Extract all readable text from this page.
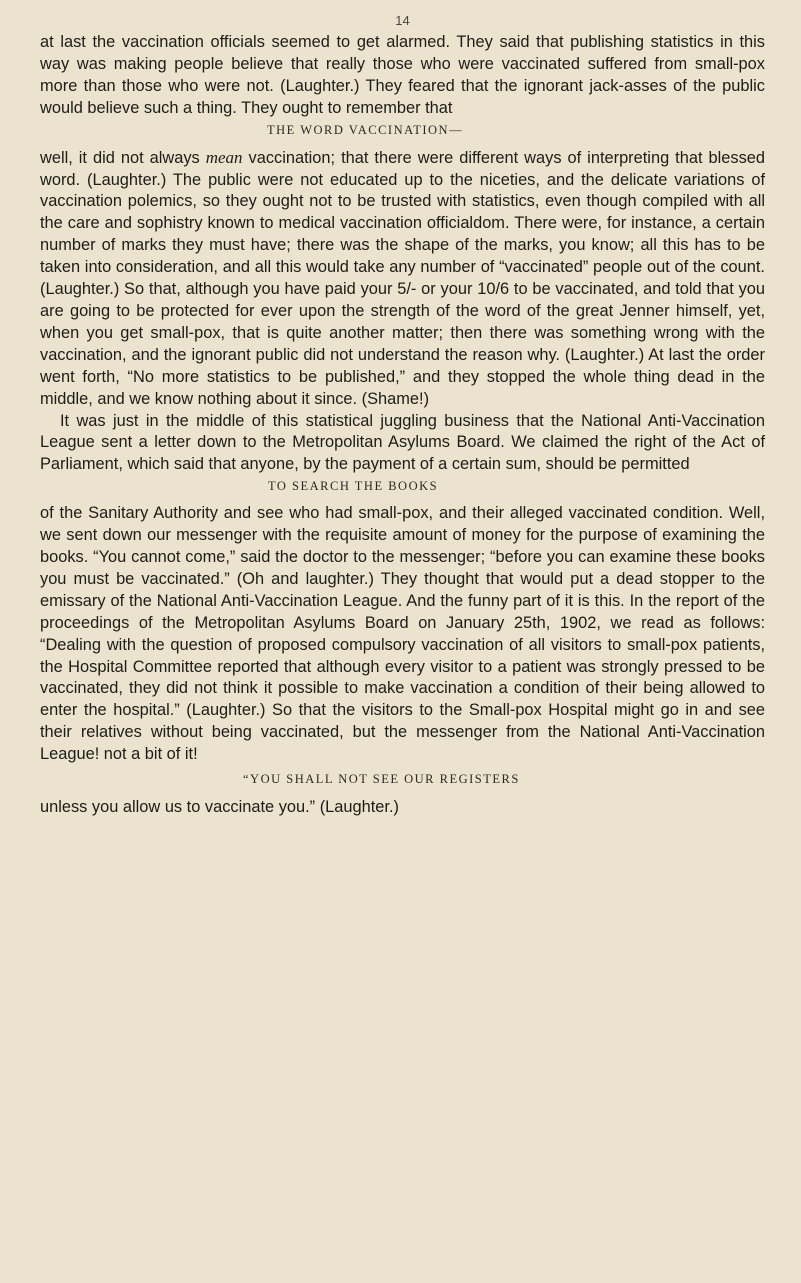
14

at last the vaccination officials seemed to get alarmed. They said that publishing statistics in this way was making people believe that really those who were vaccinated suffered from small-pox more than those who were not. (Laughter.) They feared that the ignorant jack-asses of the public would believe such a thing. They ought to remember that

THE WORD VACCINATION—

well, it did not always mean vaccination; that there were different ways of interpreting that blessed word. (Laughter.) The public were not educated up to the niceties, and the delicate variations of vaccination polemics, so they ought not to be trusted with statistics, even though compiled with all the care and sophistry known to medical vaccination officialdom. There were, for instance, a certain number of marks they must have; there was the shape of the marks, you know; all this has to be taken into consideration, and all this would take any number of “vaccinated” people out of the count. (Laughter.) So that, although you have paid your 5/- or your 10/6 to be vaccinated, and told that you are going to be protected for ever upon the strength of the word of the great Jenner himself, yet, when you get small-pox, that is quite another matter; then there was something wrong with the vaccination, and the ignorant public did not understand the reason why. (Laughter.) At last the order went forth, “No more statistics to be published,” and they stopped the whole thing dead in the middle, and we know nothing about it since. (Shame!)

It was just in the middle of this statistical juggling business that the National Anti-Vaccination League sent a letter down to the Metropolitan Asylums Board. We claimed the right of the Act of Parliament, which said that anyone, by the payment of a certain sum, should be permitted

TO SEARCH THE BOOKS

of the Sanitary Authority and see who had small-pox, and their alleged vaccinated condition. Well, we sent down our messenger with the requisite amount of money for the purpose of examining the books. “You cannot come,” said the doctor to the messenger; “before you can examine these books you must be vaccinated.” (Oh and laughter.) They thought that would put a dead stopper to the emissary of the National Anti-Vaccination League. And the funny part of it is this. In the report of the proceedings of the Metropolitan Asylums Board on January 25th, 1902, we read as follows: “Dealing with the question of proposed compulsory vaccination of all visitors to small-pox patients, the Hospital Committee reported that although every visitor to a patient was strongly pressed to be vaccinated, they did not think it possible to make vaccination a condition of their being allowed to enter the hospital.” (Laughter.) So that the visitors to the Small-pox Hospital might go in and see their relatives without being vaccinated, but the messenger from the National Anti-Vaccination League! not a bit of it!

“YOU SHALL NOT SEE OUR REGISTERS

unless you allow us to vaccinate you.” (Laughter.)
